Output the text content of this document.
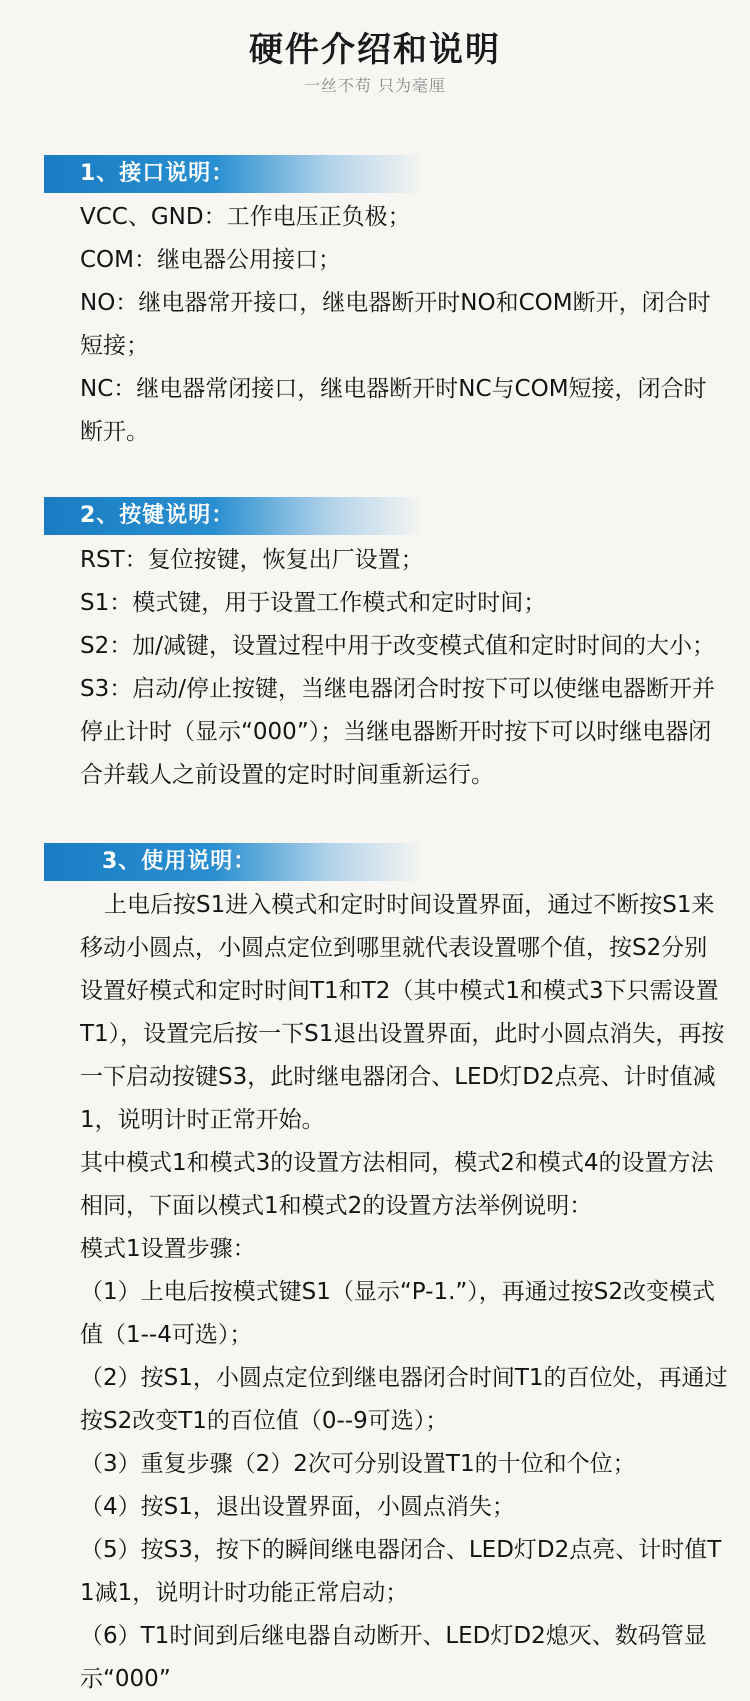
硬件介绍和说明
一丝不苟 只为毫厘
1、接口说明：

VCC、GND：工作电压正负极；

COM：继电器公用接口；

NO：继电器常开接口，继电器断开时NO和COM断开，闭合时短接；

NC：继电器常闭接口，继电器断开时NC与COM短接，闭合时断开。

2、按键说明：

RST：复位按键，恢复出厂设置；

S1：模式键，用于设置工作模式和定时时间；

S2：加/减键，设置过程中用于改变模式值和定时时间的大小；

S3：启动/停止按键，当继电器闭合时按下可以使继电器断开并停止计时（显示“000”）；当继电器断开时按下可以时继电器闭合并载人之前设置的定时时间重新运行。

3、使用说明：

上电后按S1进入模式和定时时间设置界面，通过不断按S1来移动小圆点，小圆点定位到哪里就代表设置哪个值，按S2分别设置好模式和定时时间T1和T2（其中模式1和模式3下只需设置T1），设置完后按一下S1退出设置界面，此时小圆点消失，再按一下启动按键S3，此时继电器闭合、LED灯D2点亮、计时值减1，说明计时正常开始。

其中模式1和模式3的设置方法相同，模式2和模式4的设置方法相同，下面以模式1和模式2的设置方法举例说明：

模式1设置步骤：

（1）上电后按模式键S1（显示“P-1.”），再通过按S2改变模式值（1--4可选）；

（2）按S1，小圆点定位到继电器闭合时间T1的百位处，再通过按S2改变T1的百位值（0--9可选）；

（3）重复步骤（2）2次可分别设置T1的十位和个位；

（4）按S1，退出设置界面，小圆点消失；

（5）按S3，按下的瞬间继电器闭合、LED灯D2点亮、计时值T1减1，说明计时功能正常启动；

（6）T1时间到后继电器自动断开、LED灯D2熄灭、数码管显示“000”
